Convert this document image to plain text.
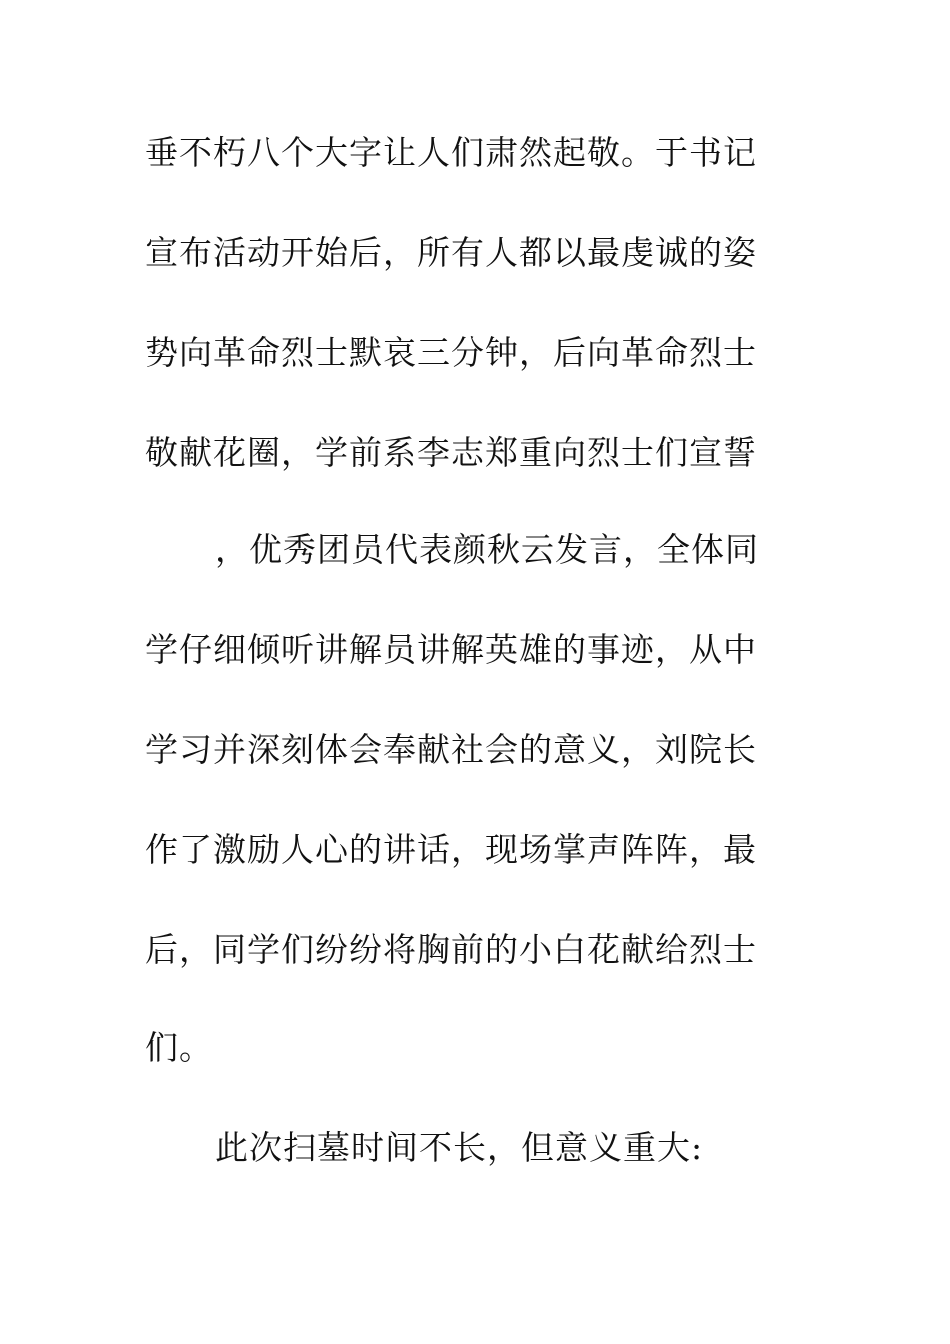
垂不朽八个大字让人们肃然起敬。于书记
宣布活动开始后，所有人都以最虔诚的姿
势向革命烈士默哀三分钟，后向革命烈士
敬献花圈，学前系李志郑重向烈士们宣誓
，优秀团员代表颜秋云发言，全体同
学仔细倾听讲解员讲解英雄的事迹，从中
学习并深刻体会奉献社会的意义，刘院长
作了激励人心的讲话，现场掌声阵阵，最
后，同学们纷纷将胸前的小白花献给烈士
们。
此次扫墓时间不长，但意义重大:
